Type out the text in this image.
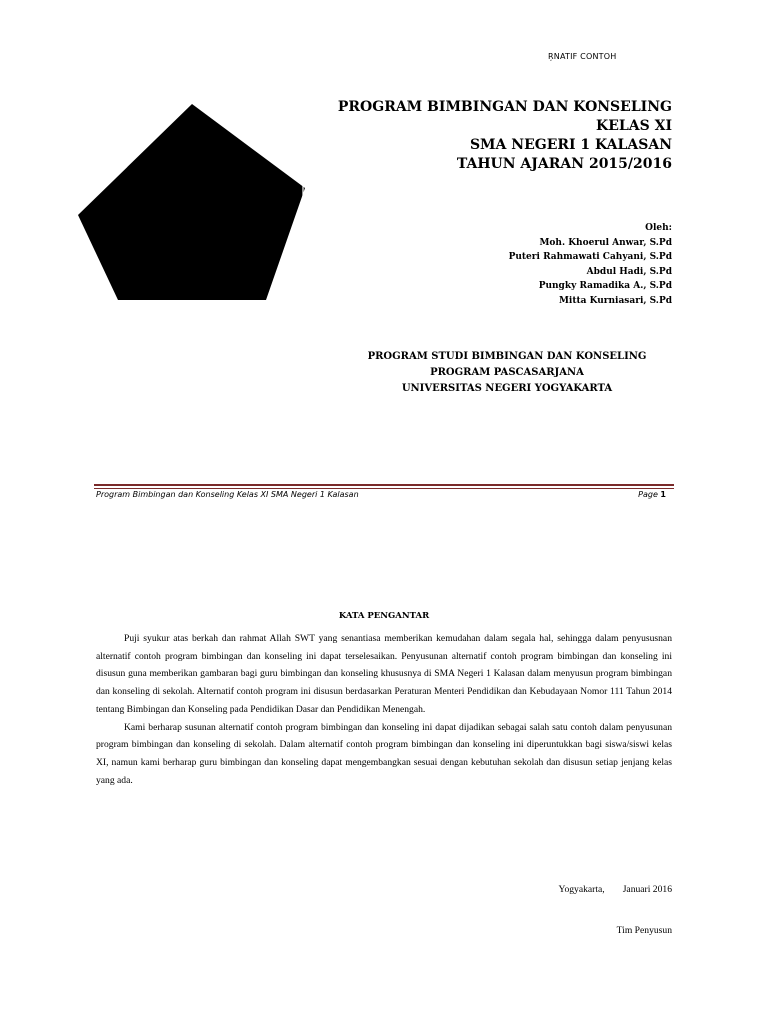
ŖNATIF CONTOH
PROGRAM BIMBINGAN DAN KONSELING
KELAS XI
SMA NEGERI 1 KALASAN
TAHUN AJARAN 2015/2016
Oleh:
Moh. Khoerul Anwar, S.Pd
Puteri Rahmawati Cahyani, S.Pd
Abdul Hadi, S.Pd
Pungky Ramadika A., S.Pd
Mitta Kurniasari, S.Pd
PROGRAM STUDI BIMBINGAN DAN KONSELING
PROGRAM PASCASARJANA
UNIVERSITAS NEGERI YOGYAKARTA
Program Bimbingan dan Konseling Kelas XI SMA Negeri 1 Kalasan	Page 1
KATA PENGANTAR

Puji syukur atas berkah dan rahmat Allah SWT yang senantiasa memberikan kemudahan dalam segala hal, sehingga dalam penyususnan alternatif contoh program bimbingan dan konseling ini dapat terselesaikan. Penyusunan alternatif contoh program bimbingan dan konseling ini disusun guna memberikan gambaran bagi guru bimbingan dan konseling khususnya di SMA Negeri 1 Kalasan dalam menyusun program bimbingan dan konseling di sekolah. Alternatif contoh program ini disusun berdasarkan Peraturan Menteri Pendidikan dan Kebudayaan Nomor 111 Tahun 2014 tentang Bimbingan dan Konseling pada Pendidikan Dasar dan Pendidikan Menengah.

Kami berharap susunan alternatif contoh program bimbingan dan konseling ini dapat dijadikan sebagai salah satu contoh dalam penyusunan program bimbingan dan konseling di sekolah. Dalam alternatif contoh program bimbingan dan konseling ini diperuntukkan bagi siswa/siswi kelas XI, namun kami berharap guru bimbingan dan konseling dapat mengembangkan sesuai dengan kebutuhan sekolah dan disusun setiap jenjang kelas yang ada.

Yogyakarta, Januari 2016
Tim Penyusun
